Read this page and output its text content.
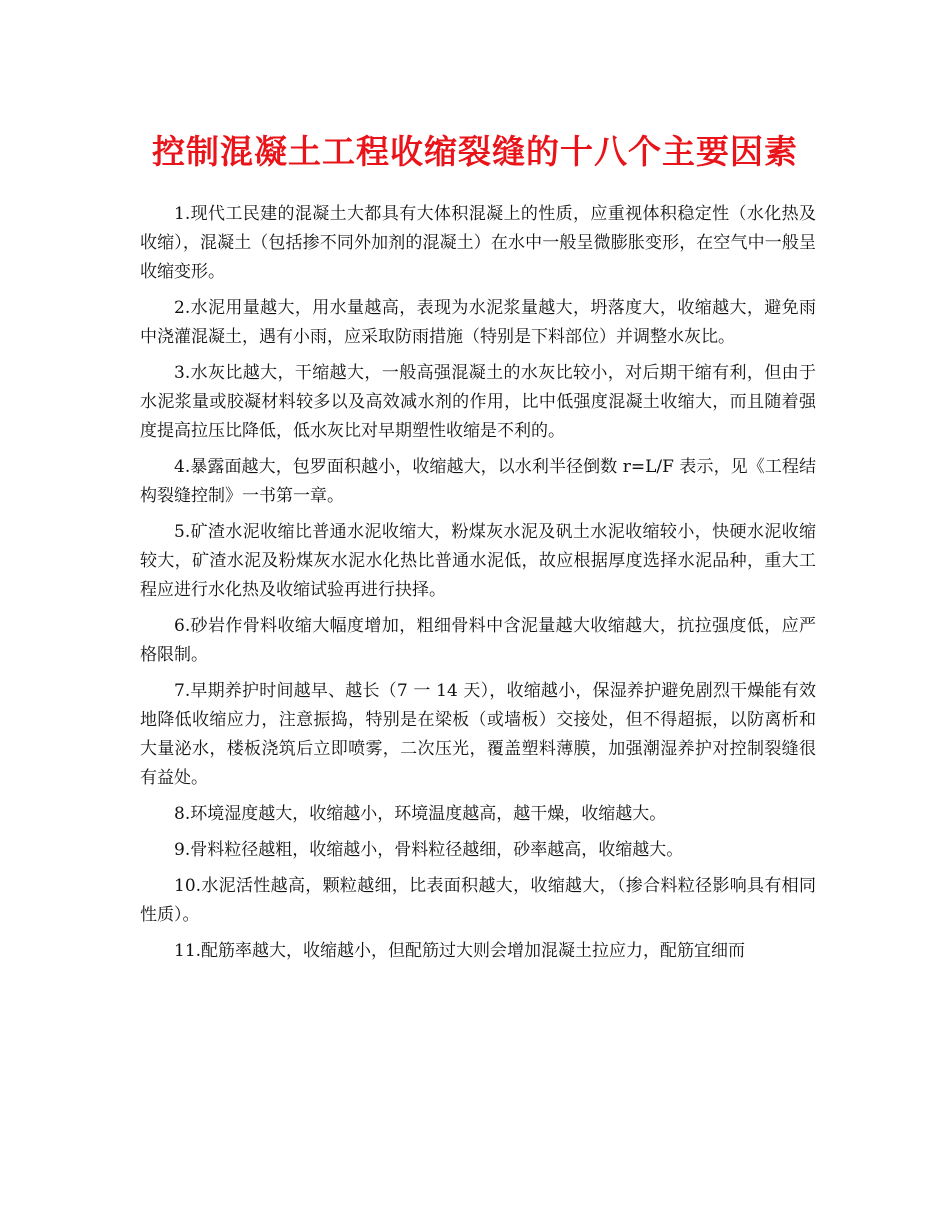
控制混凝土工程收缩裂缝的十八个主要因素

1.现代工民建的混凝土大都具有大体积混凝上的性质，应重视体积稳定性（水化热及收缩），混凝土（包括掺不同外加剂的混凝土）在水中一般呈微膨胀变形，在空气中一般呈收缩变形。

2.水泥用量越大，用水量越高，表现为水泥浆量越大，坍落度大，收缩越大，避免雨中浇灌混凝土，遇有小雨，应采取防雨措施（特别是下料部位）并调整水灰比。

3.水灰比越大，干缩越大，一般高强混凝土的水灰比较小，对后期干缩有利，但由于水泥浆量或胶凝材料较多以及高效减水剂的作用，比中低强度混凝土收缩大，而且随着强度提高拉压比降低，低水灰比对早期塑性收缩是不利的。

4.暴露面越大，包罗面积越小，收缩越大，以水利半径倒数 r=L/F 表示，见《工程结构裂缝控制》一书第一章。

5.矿渣水泥收缩比普通水泥收缩大，粉煤灰水泥及矾土水泥收缩较小，快硬水泥收缩较大，矿渣水泥及粉煤灰水泥水化热比普通水泥低，故应根据厚度选择水泥品种，重大工程应进行水化热及收缩试验再进行抉择。

6.砂岩作骨料收缩大幅度增加，粗细骨料中含泥量越大收缩越大，抗拉强度低，应严格限制。

7.早期养护时间越早、越长（7 一 14 天），收缩越小，保湿养护避免剧烈干燥能有效地降低收缩应力，注意振捣，特别是在梁板（或墙板）交接处，但不得超振，以防离析和大量泌水，楼板浇筑后立即喷雾，二次压光，覆盖塑料薄膜，加强潮湿养护对控制裂缝很有益处。

8.环境湿度越大，收缩越小，环境温度越高，越干燥，收缩越大。

9.骨料粒径越粗，收缩越小，骨料粒径越细，砂率越高，收缩越大。

10.水泥活性越高，颗粒越细，比表面积越大，收缩越大，（掺合料粒径影响具有相同性质）。

11.配筋率越大，收缩越小，但配筋过大则会增加混凝土拉应力，配筋宜细而
